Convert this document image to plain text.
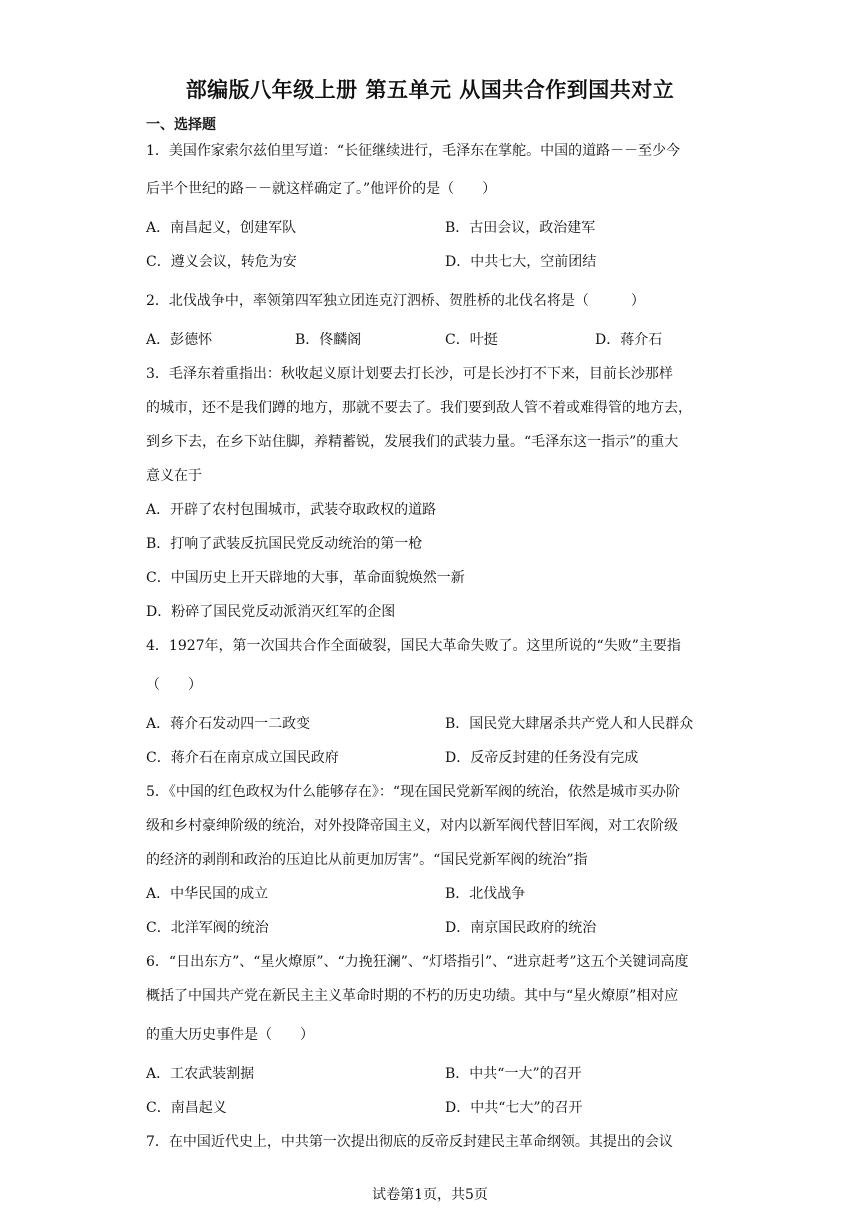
部编版八年级上册 第五单元 从国共合作到国共对立
一、选择题
1．美国作家索尔兹伯里写道：“长征继续进行，毛泽东在掌舵。中国的道路－－至少今
后半个世纪的路－－就这样确定了。”他评价的是（　　）
A．南昌起义，创建军队	B．古田会议，政治建军
C．遵义会议，转危为安	D．中共七大，空前团结
2．北伐战争中，率领第四军独立团连克汀泗桥、贺胜桥的北伐名将是（　　　）
A．彭德怀	B．佟麟阁	C．叶挺	D．蒋介石
3．毛泽东着重指出：秋收起义原计划要去打长沙，可是长沙打不下来，目前长沙那样
的城市，还不是我们蹲的地方，那就不要去了。我们要到敌人管不着或难得管的地方去，
到乡下去，在乡下站住脚，养精蓄锐，发展我们的武装力量。“毛泽东这一指示”的重大
意义在于
A．开辟了农村包围城市，武装夺取政权的道路
B．打响了武装反抗国民党反动统治的第一枪
C．中国历史上开天辟地的大事，革命面貌焕然一新
D．粉碎了国民党反动派消灭红军的企图
4．1927年，第一次国共合作全面破裂，国民大革命失败了。这里所说的“失败”主要指
（　　）
A．蒋介石发动四一二政变	B．国民党大肆屠杀共产党人和人民群众
C．蒋介石在南京成立国民政府	D．反帝反封建的任务没有完成
5．《中国的红色政权为什么能够存在》：“现在国民党新军阀的统治，依然是城市买办阶
级和乡村豪绅阶级的统治，对外投降帝国主义，对内以新军阀代替旧军阀，对工农阶级
的经济的剥削和政治的压迫比从前更加厉害”。“国民党新军阀的统治”指
A．中华民国的成立	B．北伐战争
C．北洋军阀的统治	D．南京国民政府的统治
6．“日出东方”、“星火燎原”、“力挽狂澜”、“灯塔指引”、“进京赶考”这五个关键词高度
概括了中国共产党在新民主主义革命时期的不朽的历史功绩。其中与“星火燎原”相对应
的重大历史事件是（　　）
A．工农武装割据	B．中共“一大”的召开
C．南昌起义	D．中共“七大”的召开
7．在中国近代史上，中共第一次提出彻底的反帝反封建民主革命纲领。其提出的会议
试卷第1页，共5页
